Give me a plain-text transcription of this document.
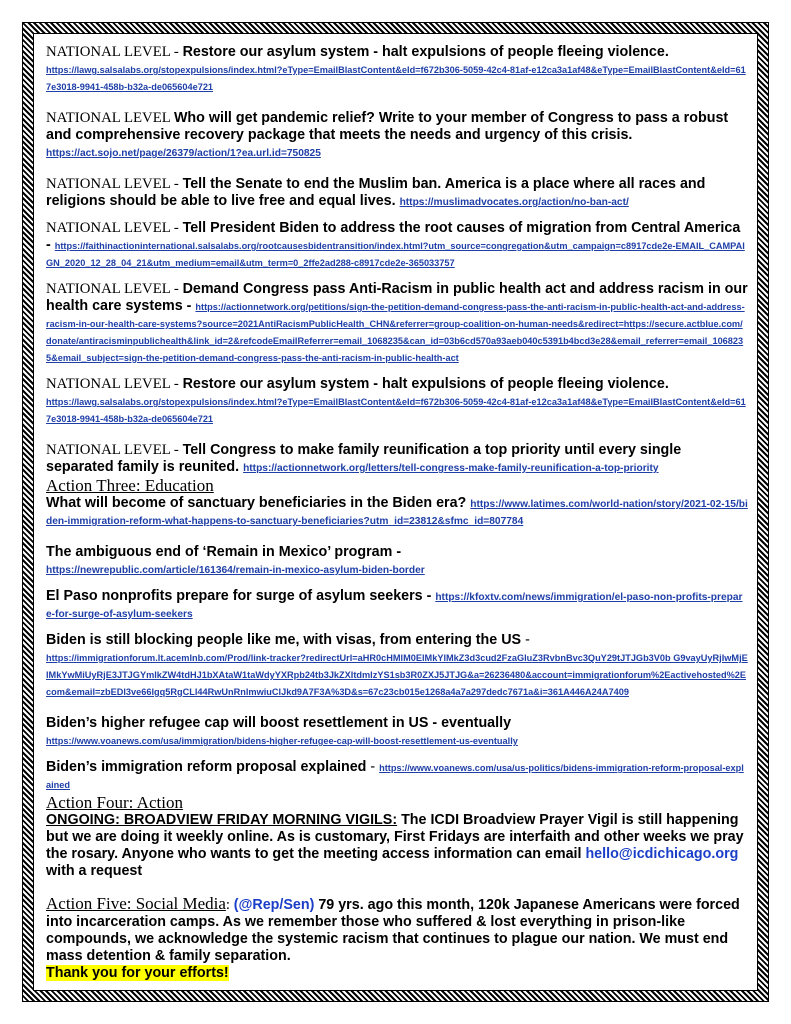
NATIONAL LEVEL - Restore our asylum system - halt expulsions of people fleeing violence.
https://lawg.salsalabs.org/stopexpulsions/index.html?eType=EmailBlastContent&eId=f672b306-5059-42c4-81af-e12ca3a1af48&eType=EmailBlastContent&eId=617e3018-9941-458b-b32a-de065604e721

NATIONAL LEVEL Who will get pandemic relief? Write to your member of Congress to pass a robust and comprehensive recovery package that meets the needs and urgency of this crisis.
https://act.sojo.net/page/26379/action/1?ea.url.id=750825

NATIONAL LEVEL - Tell the Senate to end the Muslim ban. America is a place where all races and religions should be able to live free and equal lives. https://muslimadvocates.org/action/no-ban-act/

NATIONAL LEVEL - Tell President Biden to address the root causes of migration from Central America - https://faithinactioninternational.salsalabs.org/rootcausesbidentransition/index.html?utm_source=congregation&utm_campaign=c8917cde2e-EMAIL_CAMPAIGN_2020_12_28_04_21&utm_medium=email&utm_term=0_2ffe2ad288-c8917cde2e-365033757

NATIONAL LEVEL - Demand Congress pass Anti-Racism in public health act and address racism in our health care systems - https://actionnetwork.org/petitions/sign-the-petition-demand-congress-pass-the-anti-racism-in-public-health-act-and-address-racism-in-our-health-care-systems?source=2021AntiRacismPublicHealth_CHN&referrer=group-coalition-on-human-needs&redirect=https://secure.actblue.com/donate/antiracisminpublichealth&link_id=2&refcodeEmailReferrer=email_1068235&can_id=03b6cd570a93aeb040c5391b4bcd3e28&email_referrer=email_1068235&email_subject=sign-the-petition-demand-congress-pass-the-anti-racism-in-public-health-act

NATIONAL LEVEL - Restore our asylum system - halt expulsions of people fleeing violence.
https://lawg.salsalabs.org/stopexpulsions/index.html?eType=EmailBlastContent&eId=f672b306-5059-42c4-81af-e12ca3a1af48&eType=EmailBlastContent&eId=617e3018-9941-458b-b32a-de065604e721

NATIONAL LEVEL - Tell Congress to make family reunification a top priority until every single separated family is reunited. https://actionnetwork.org/letters/tell-congress-make-family-reunification-a-top-priority

Action Three: Education

What will become of sanctuary beneficiaries in the Biden era? https://www.latimes.com/world-nation/story/2021-02-15/biden-immigration-reform-what-happens-to-sanctuary-beneficiaries?utm_id=23812&sfmc_id=807784

The ambiguous end of ‘Remain in Mexico’ program -
https://newrepublic.com/article/161364/remain-in-mexico-asylum-biden-border

El Paso nonprofits prepare for surge of asylum seekers - https://kfoxtv.com/news/immigration/el-paso-non-profits-prepare-for-surge-of-asylum-seekers

Biden is still blocking people like me, with visas, from entering the US -
https://immigrationforum.lt.acemlnb.com/Prod/link-tracker?redirectUrl=aHR0cHMlM0ElMkYlMkZ3d3cud2FzaGluZ3RvbnBvc3QuY29tJTJGb3V0b G9vayUyRjIwMjElMkYwMiUyRjE3JTJGYmlkZW4tdHJ1bXAtaW1taWdyYXRpb24tb3JkZXItdmlzYS1sb3R0ZXJ5JTJG&a=26236480&account=immigrationforum%2Eactivehosted%2Ecom&email=zbEDl3ve66lgq5RgCLl44RwUnRnlmwiuClJkd9A7F3A%3D&s=67c23cb015e1268a4a7a297dedc7671a&i=361A446A24A7409

Biden’s higher refugee cap will boost resettlement in US - eventually
https://www.voanews.com/usa/immigration/bidens-higher-refugee-cap-will-boost-resettlement-us-eventually

Biden’s immigration reform proposal explained - https://www.voanews.com/usa/us-politics/bidens-immigration-reform-proposal-explained

Action Four: Action

ONGOING: BROADVIEW FRIDAY MORNING VIGILS: The ICDI Broadview Prayer Vigil is still happening but we are doing it weekly online. As is customary, First Fridays are interfaith and other weeks we pray the rosary. Anyone who wants to get the meeting access information can email hello@icdichicago.org with a request

Action Five: Social Media: (@Rep/Sen) 79 yrs. ago this month, 120k Japanese Americans were forced into incarceration camps. As we remember those who suffered & lost everything in prison-like compounds, we acknowledge the systemic racism that continues to plague our nation. We must end mass detention & family separation.
Thank you for your efforts!
